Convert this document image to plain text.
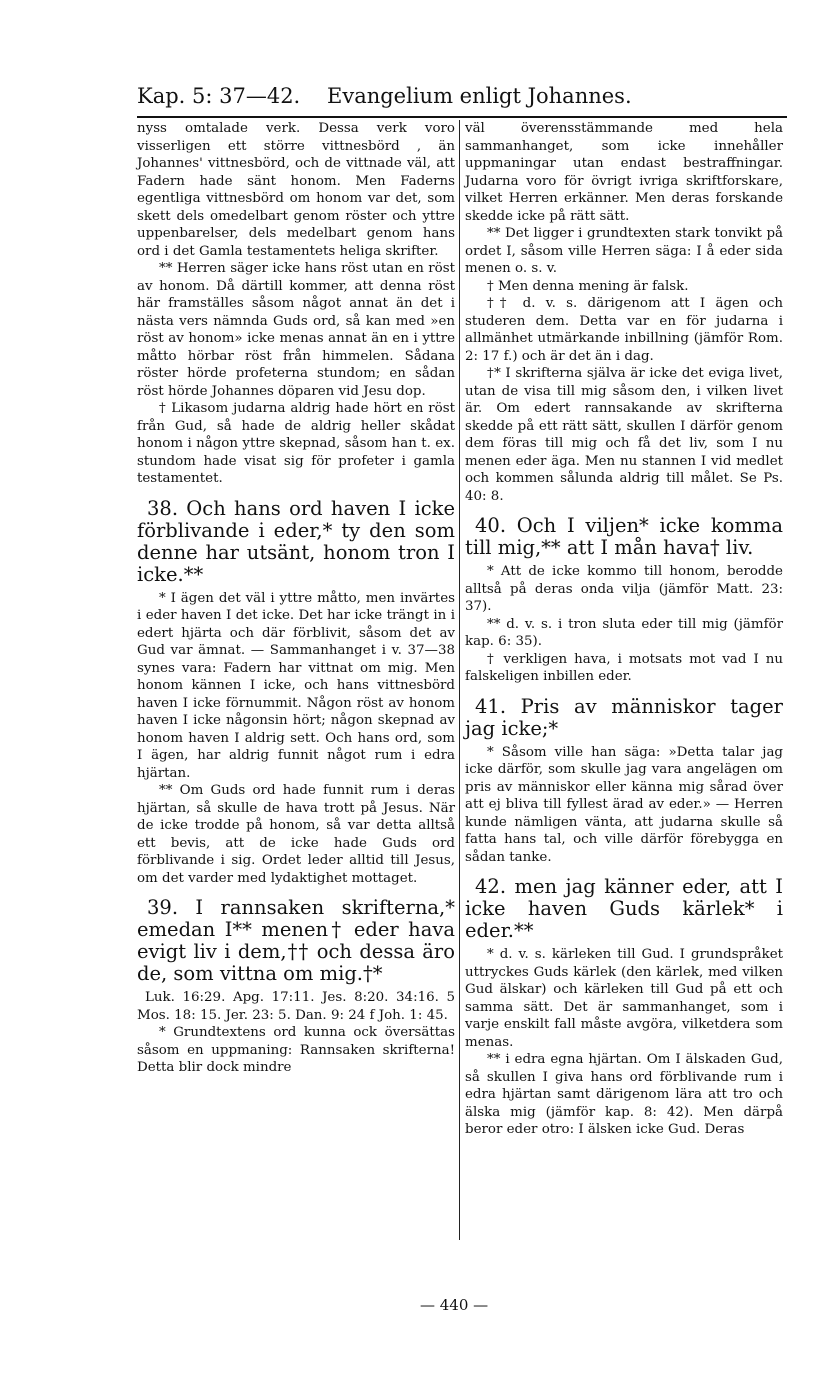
Kap. 5: 37—42. Evangelium enligt Johannes.

nyss omtalade verk. Dessa verk voro visserligen ett större vittnesbörd , än Johannes' vittnesbörd, och de vittnade väl, att Fadern hade sänt honom. Men Faderns egentliga vittnesbörd om honom var det, som skett dels omedelbart genom röster och yttre uppenbarelser, dels medelbart genom hans ord i det Gamla testamentets heliga skrifter.

** Herren säger icke hans röst utan en röst av honom. Då därtill kommer, att denna röst här framställes såsom något annat än det i nästa vers nämnda Guds ord, så kan med »en röst av honom» icke menas annat än en i yttre måtto hörbar röst från himmelen. Sådana röster hörde profeterna stundom; en sådan röst hörde Johannes döparen vid Jesu dop.

† Likasom judarna aldrig hade hört en röst från Gud, så hade de aldrig heller skådat honom i någon yttre skepnad, såsom han t. ex. stundom hade visat sig för profeter i gamla testamentet.

38. Och hans ord haven I icke förblivande i eder,* ty den som denne har utsänt, honom tron I icke.**

* I ägen det väl i yttre måtto, men invärtes i eder haven I det icke. Det har icke trängt in i edert hjärta och där förblivit, såsom det av Gud var ämnat. — Sammanhanget i v. 37—38 synes vara: Fadern har vittnat om mig. Men honom kännen I icke, och hans vittnesbörd haven I icke förnummit. Någon röst av honom haven I icke någonsin hört; någon skepnad av honom haven I aldrig sett. Och hans ord, som I ägen, har aldrig funnit något rum i edra hjärtan.

** Om Guds ord hade funnit rum i deras hjärtan, så skulle de hava trott på Jesus. När de icke trodde på honom, så var detta alltså ett bevis, att de icke hade Guds ord förblivande i sig. Ordet leder alltid till Jesus, om det varder med lydaktighet mottaget.

39. I rannsaken skrifterna,* emedan I** menen† eder hava evigt liv i dem,†† och dessa äro de, som vittna om mig.†*

Luk. 16:29. Apg. 17:11. Jes. 8:20. 34:16. 5 Mos. 18: 15. Jer. 23: 5. Dan. 9: 24 f Joh. 1: 45.

* Grundtextens ord kunna ock översättas såsom en uppmaning: Rannsaken skrifterna! Detta blir dock mindre

väl överensstämmande med hela sammanhanget, som icke innehåller uppmaningar utan endast bestraffningar. Judarna voro för övrigt ivriga skriftforskare, vilket Herren erkänner. Men deras forskande skedde icke på rätt sätt.

** Det ligger i grundtexten stark tonvikt på ordet I, såsom ville Herren säga: I å eder sida menen o. s. v.

† Men denna mening är falsk.

†† d. v. s. därigenom att I ägen och studeren dem. Detta var en för judarna i allmänhet utmärkande inbillning (jämför Rom. 2: 17 f.) och är det än i dag.

†* I skrifterna själva är icke det eviga livet, utan de visa till mig såsom den, i vilken livet är. Om edert rannsakande av skrifterna skedde på ett rätt sätt, skullen I därför genom dem föras till mig och få det liv, som I nu menen eder äga. Men nu stannen I vid medlet och kommen sålunda aldrig till målet. Se Ps. 40: 8.

40. Och I viljen* icke komma till mig,** att I mån hava† liv.

* Att de icke kommo till honom, berodde alltså på deras onda vilja (jämför Matt. 23: 37).

** d. v. s. i tron sluta eder till mig (jämför kap. 6: 35).

† verkligen hava, i motsats mot vad I nu falskeligen inbillen eder.

41. Pris av människor tager jag icke;*

* Såsom ville han säga: »Detta talar jag icke därför, som skulle jag vara angelägen om pris av människor eller känna mig sårad över att ej bliva till fyllest ärad av eder.» — Herren kunde nämligen vänta, att judarna skulle så fatta hans tal, och ville därför förebygga en sådan tanke.

42. men jag känner eder, att I icke haven Guds kärlek* i eder.**

* d. v. s. kärleken till Gud. I grundspråket uttryckes Guds kärlek (den kärlek, med vilken Gud älskar) och kärleken till Gud på ett och samma sätt. Det är sammanhanget, som i varje enskilt fall måste avgöra, vilketdera som menas.

** i edra egna hjärtan. Om I älskaden Gud, så skullen I giva hans ord förblivande rum i edra hjärtan samt därigenom lära att tro och älska mig (jämför kap. 8: 42). Men därpå beror eder otro: I älsken icke Gud. Deras

— 440 —
